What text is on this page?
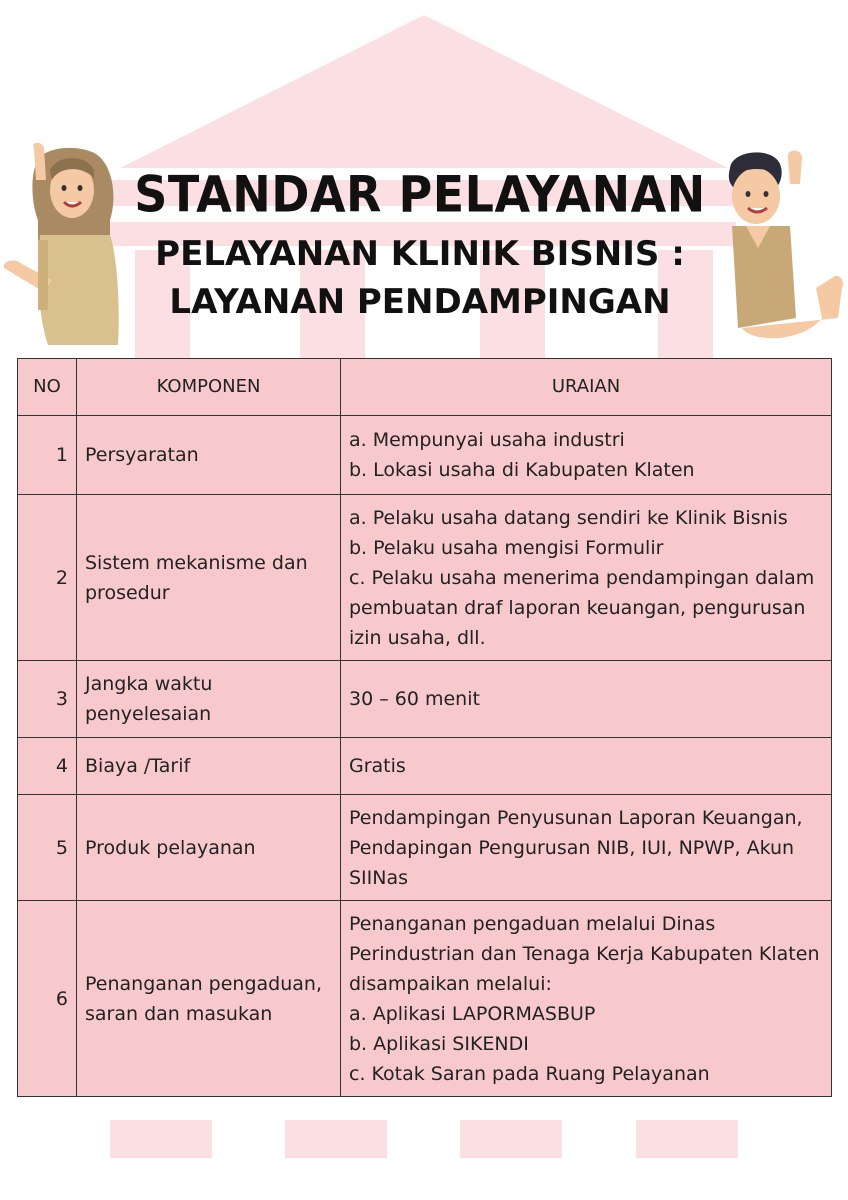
STANDAR PELAYANAN
PELAYANAN KLINIK BISNIS :
LAYANAN PENDAMPINGAN
NO	KOMPONEN	URAIAN
1	Persyaratan	a. Mempunyai usaha industri
b. Lokasi usaha di Kabupaten Klaten

2	Sistem mekanisme dan prosedur	a. Pelaku usaha datang sendiri ke Klinik Bisnis
b. Pelaku usaha mengisi Formulir
c. Pelaku usaha menerima pendampingan dalam pembuatan draf laporan keuangan, pengurusan izin usaha, dll.

3	Jangka waktu penyelesaian	30 – 60 menit

4	Biaya /Tarif	Gratis

5	Produk pelayanan	Pendampingan Penyusunan Laporan Keuangan, Pendapingan Pengurusan NIB, IUI, NPWP, Akun SIINas

6	Penanganan pengaduan, saran dan masukan	Penanganan pengaduan melalui Dinas Perindustrian dan Tenaga Kerja Kabupaten Klaten disampaikan melalui:
a. Aplikasi LAPORMASBUP
b. Aplikasi SIKENDI
c. Kotak Saran pada Ruang Pelayanan
